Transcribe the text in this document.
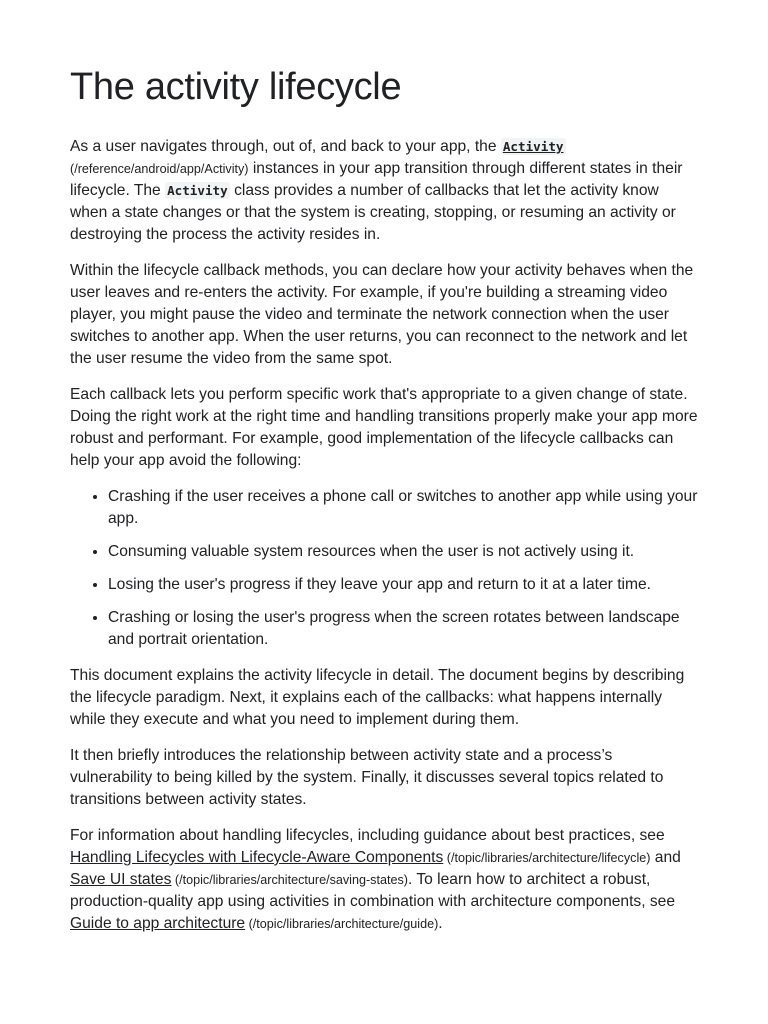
The activity lifecycle

As a user navigates through, out of, and back to your app, the Activity (/reference/android/app/Activity) instances in your app transition through different states in their lifecycle. The Activity class provides a number of callbacks that let the activity know when a state changes or that the system is creating, stopping, or resuming an activity or destroying the process the activity resides in.

Within the lifecycle callback methods, you can declare how your activity behaves when the user leaves and re-enters the activity. For example, if you're building a streaming video player, you might pause the video and terminate the network connection when the user switches to another app. When the user returns, you can reconnect to the network and let the user resume the video from the same spot.

Each callback lets you perform specific work that's appropriate to a given change of state. Doing the right work at the right time and handling transitions properly make your app more robust and performant. For example, good implementation of the lifecycle callbacks can help your app avoid the following:

• Crashing if the user receives a phone call or switches to another app while using your app.
• Consuming valuable system resources when the user is not actively using it.
• Losing the user's progress if they leave your app and return to it at a later time.
• Crashing or losing the user's progress when the screen rotates between landscape and portrait orientation.

This document explains the activity lifecycle in detail. The document begins by describing the lifecycle paradigm. Next, it explains each of the callbacks: what happens internally while they execute and what you need to implement during them.

It then briefly introduces the relationship between activity state and a process’s vulnerability to being killed by the system. Finally, it discusses several topics related to transitions between activity states.

For information about handling lifecycles, including guidance about best practices, see Handling Lifecycles with Lifecycle-Aware Components (/topic/libraries/architecture/lifecycle) and Save UI states (/topic/libraries/architecture/saving-states). To learn how to architect a robust, production-quality app using activities in combination with architecture components, see Guide to app architecture (/topic/libraries/architecture/guide).
